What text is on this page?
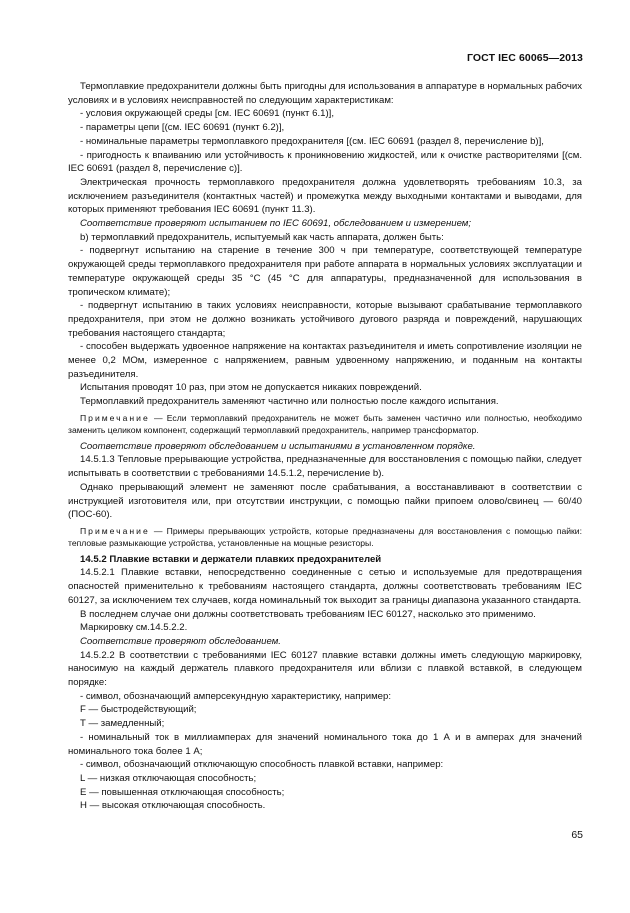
ГОСТ IEC 60065—2013

Термоплавкие предохранители должны быть пригодны для использования в аппаратуре в нормальных рабочих условиях и в условиях неисправностей по следующим характеристикам:

- условия окружающей среды [см. IEC 60691 (пункт 6.1)],

- параметры цепи [(см. IEC 60691 (пункт 6.2)],

- номинальные параметры термоплавкого предохранителя [(см. IEC 60691 (раздел 8, перечисление b)],

- пригодность к впаиванию или устойчивость к проникновению жидкостей, или к очистке растворителями [(см. IEC 60691 (раздел 8, перечисление с)].

Электрическая прочность термоплавкого предохранителя должна удовлетворять требованиям 10.3, за исключением разъединителя (контактных частей) и промежутка между выходными контактами и выводами, для которых применяют требования IEC 60691 (пункт 11.3).

Соответствие проверяют испытанием по IEC 60691, обследованием и измерением;

b) термоплавкий предохранитель, испытуемый как часть аппарата, должен быть:

- подвергнут испытанию на старение в течение 300 ч при температуре, соответствующей температуре окружающей среды термоплавкого предохранителя при работе аппарата в нормальных условиях эксплуатации и температуре окружающей среды 35 °С (45 °С для аппаратуры, предназначенной для использования в тропическом климате);

- подвергнут испытанию в таких условиях неисправности, которые вызывают срабатывание термоплавкого предохранителя, при этом не должно возникать устойчивого дугового разряда и повреждений, нарушающих требования настоящего стандарта;

- способен выдержать удвоенное напряжение на контактах разъединителя и иметь сопротивление изоляции не менее 0,2 МОм, измеренное с напряжением, равным удвоенному напряжению, и поданным на контакты разъединителя.

Испытания проводят 10 раз, при этом не допускается никаких повреждений.

Термоплавкий предохранитель заменяют частично или полностью после каждого испытания.

Примечание — Если термоплавкий предохранитель не может быть заменен частично или полностью, необходимо заменить целиком компонент, содержащий термоплавкий предохранитель, например трансформатор.

Соответствие проверяют обследованием и испытаниями в установленном порядке.

14.5.1.3 Тепловые прерывающие устройства, предназначенные для восстановления с помощью пайки, следует испытывать в соответствии с требованиями 14.5.1.2, перечисление b).

Однако прерывающий элемент не заменяют после срабатывания, а восстанавливают в соответствии с инструкцией изготовителя или, при отсутствии инструкции, с помощью пайки припоем олово/свинец — 60/40 (ПОС-60).

Примечание — Примеры прерывающих устройств, которые предназначены для восстановления с помощью пайки: тепловые размыкающие устройства, установленные на мощные резисторы.

14.5.2 Плавкие вставки и держатели плавких предохранителей

14.5.2.1 Плавкие вставки, непосредственно соединенные с сетью и используемые для предотвращения опасностей применительно к требованиям настоящего стандарта, должны соответствовать требованиям IEC 60127, за исключением тех случаев, когда номинальный ток выходит за границы диапазона указанного стандарта.

В последнем случае они должны соответствовать требованиям IEC 60127, насколько это применимо.

Маркировку см.14.5.2.2.

Соответствие проверяют обследованием.

14.5.2.2 В соответствии с требованиями IEC 60127 плавкие вставки должны иметь следующую маркировку, наносимую на каждый держатель плавкого предохранителя или вблизи с плавкой вставкой, в следующем порядке:

- символ, обозначающий амперсекундную характеристику, например:

F — быстродействующий;

Т — замедленный;

- номинальный ток в миллиамперах для значений номинального тока до 1 А и в амперах для значений номинального тока более 1 А;

- символ, обозначающий отключающую способность плавкой вставки, например:

L — низкая отключающая способность;

Е — повышенная отключающая способность;

Н — высокая отключающая способность.

65
